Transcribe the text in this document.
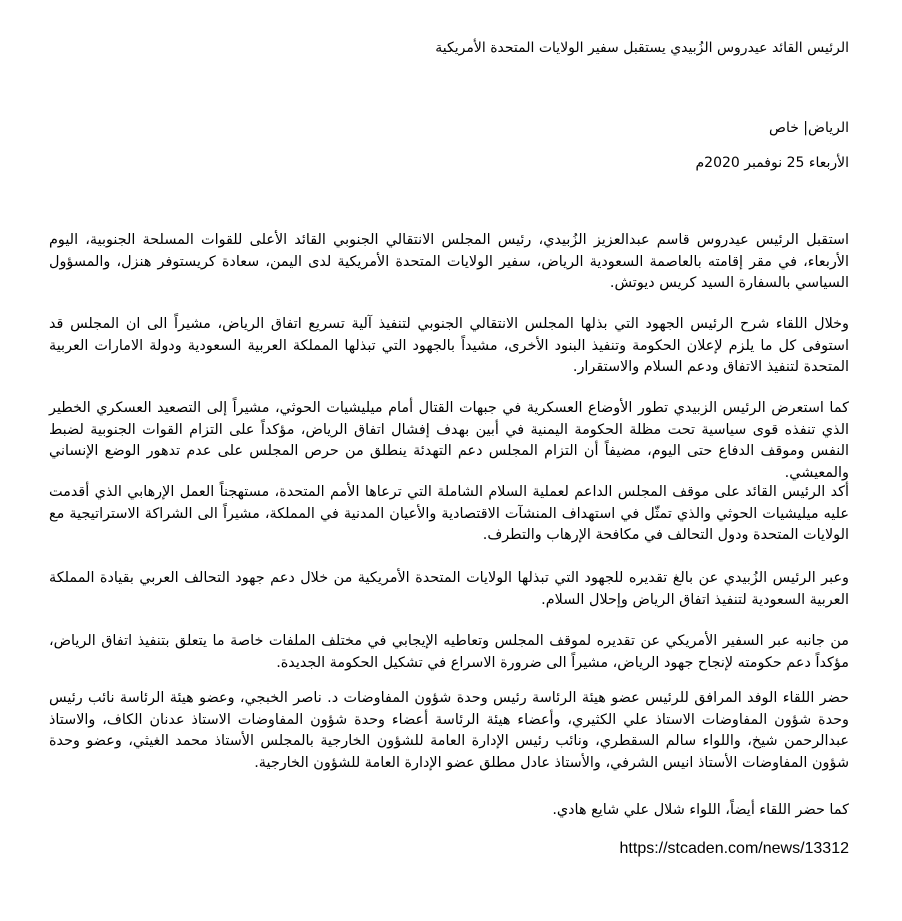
الرئيس القائد عيدروس الزُبيدي يستقبل سفير الولايات المتحدة الأمريكية
الرياض| خاص
الأربعاء 25 نوفمبر 2020م

استقبل الرئيس عيدروس قاسم عبدالعزيز الزُبيدي، رئيس المجلس الانتقالي الجنوبي القائد الأعلى للقوات المسلحة الجنوبية، اليوم الأربعاء، في مقر إقامته بالعاصمة السعودية الرياض، سفير الولايات المتحدة الأمريكية لدى اليمن، سعادة كريستوفر هنزل، والمسؤول السياسي بالسفارة السيد كريس ديوتش.

وخلال اللقاء شرح الرئيس الجهود التي بذلها المجلس الانتقالي الجنوبي لتنفيذ آلية تسريع اتفاق الرياض، مشيراً الى ان المجلس قد استوفى كل ما يلزم لإعلان الحكومة وتنفيذ البنود الأخرى، مشيداً بالجهود التي تبذلها المملكة العربية السعودية ودولة الامارات العربية المتحدة لتنفيذ الاتفاق ودعم السلام والاستقرار.

كما استعرض الرئيس الزبيدي تطور الأوضاع العسكرية في جبهات القتال أمام ميليشيات الحوثي، مشيراً إلى التصعيد العسكري الخطير الذي تنفذه قوى سياسية تحت مظلة الحكومة اليمنية في أبين بهدف إفشال اتفاق الرياض، مؤكداً على التزام القوات الجنوبية لضبط النفس وموقف الدفاع حتى اليوم، مضيفاً أن التزام المجلس دعم التهدئة ينطلق من حرص المجلس على عدم تدهور الوضع الإنساني والمعيشي.

أكد الرئيس القائد على موقف المجلس الداعم لعملية السلام الشاملة التي ترعاها الأمم المتحدة، مستهجناً العمل الإرهابي الذي أقدمت عليه ميليشيات الحوثي والذي تمثّل في استهداف المنشآت الاقتصادية والأعيان المدنية في المملكة، مشيراً الى الشراكة الاستراتيجية مع الولايات المتحدة ودول التحالف في مكافحة الإرهاب والتطرف.

وعبر الرئيس الزُبيدي عن بالغ تقديره للجهود التي تبذلها الولايات المتحدة الأمريكية من خلال دعم جهود التحالف العربي بقيادة المملكة العربية السعودية لتنفيذ اتفاق الرياض وإحلال السلام.

من جانبه عبر السفير الأمريكي عن تقديره لموقف المجلس وتعاطيه الإيجابي في مختلف الملفات خاصة ما يتعلق بتنفيذ اتفاق الرياض، مؤكداً دعم حكومته لإنجاح جهود الرياض، مشيراً الى ضرورة الاسراع في تشكيل الحكومة الجديدة.

حضر اللقاء الوفد المرافق للرئيس عضو هيئة الرئاسة رئيس وحدة شؤون المفاوضات د. ناصر الخبجي، وعضو هيئة الرئاسة نائب رئيس وحدة شؤون المفاوضات الاستاذ علي الكثيري، وأعضاء هيئة الرئاسة أعضاء وحدة شؤون المفاوضات الاستاذ عدنان الكاف، والاستاذ عبدالرحمن شيخ، واللواء سالم السقطري، ونائب رئيس الإدارة العامة للشؤون الخارجية بالمجلس الأستاذ محمد الغيثي، وعضو وحدة شؤون المفاوضات الأستاذ انيس الشرفي، والأستاذ عادل مطلق عضو الإدارة العامة للشؤون الخارجية.

كما حضر اللقاء أيضاً، اللواء شلال علي شايع هادي.

https://stcaden.com/news/13312
